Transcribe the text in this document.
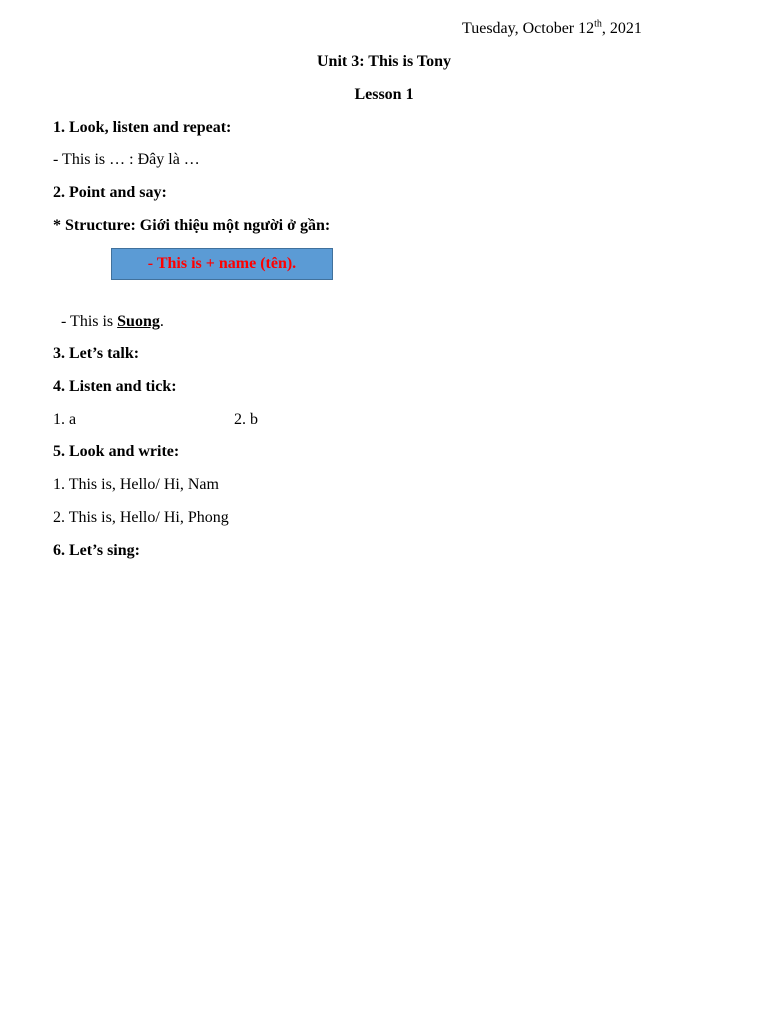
Tuesday, October 12th, 2021
Unit 3: This is Tony
Lesson 1
1. Look, listen and repeat:
- This is … : Đây là …
2. Point and say:
* Structure: Giới thiệu một người ở gần:
- This is + name (tên).
- This is Suong.
3. Let’s talk:
4. Listen and tick:
1. a	2. b
5. Look and write:
1. This is, Hello/ Hi, Nam
2. This is, Hello/ Hi, Phong
6. Let’s sing:
